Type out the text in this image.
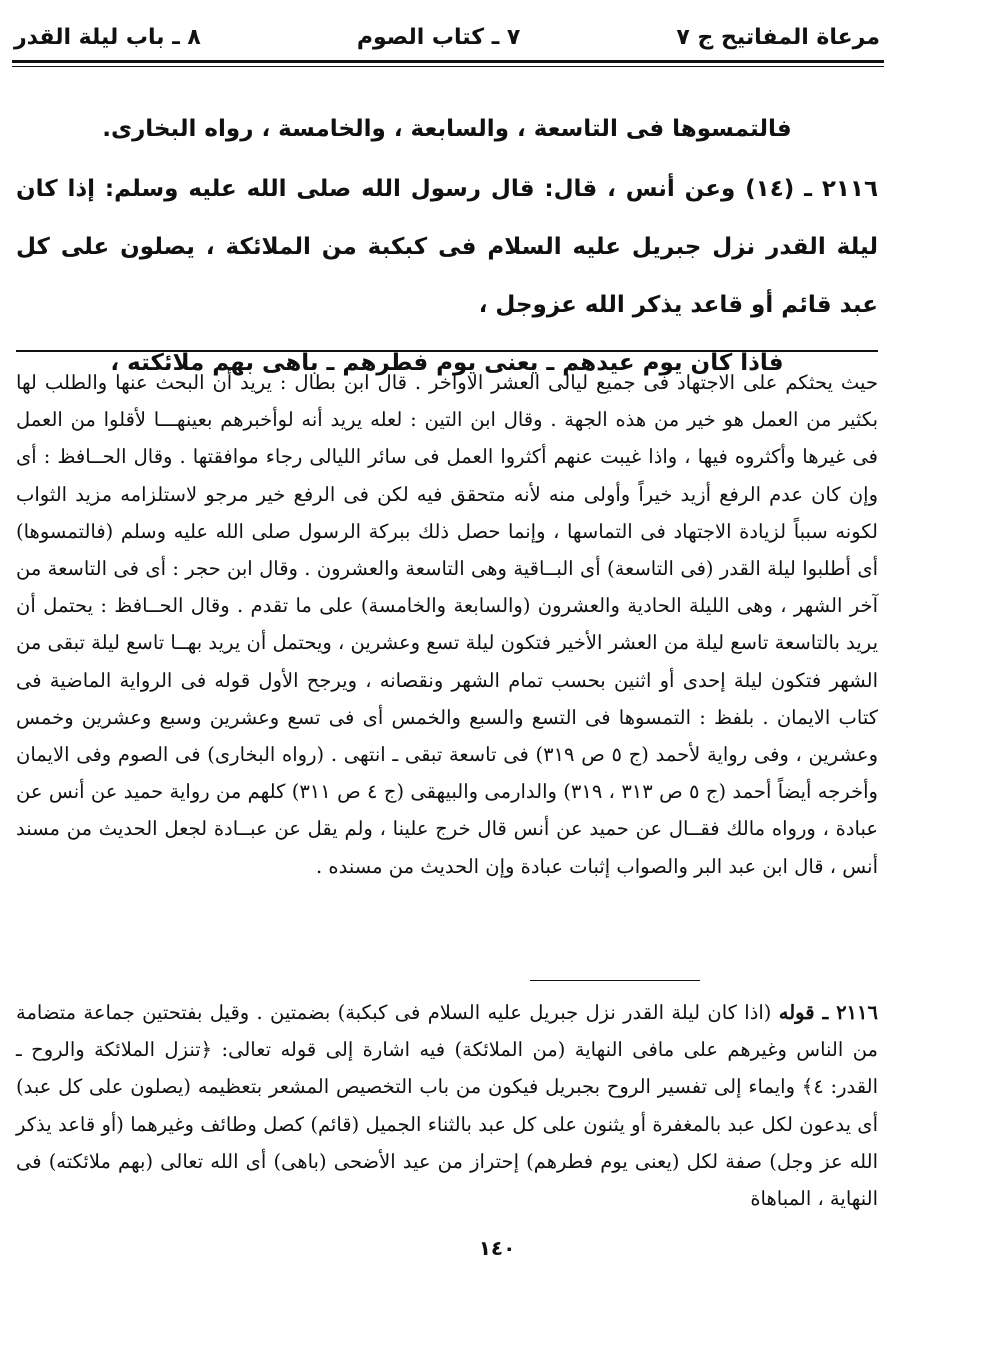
مرعاة المفاتيح ج ٧
٧ ـ كتاب الصوم
٨ ـ باب ليلة القدر

فالتمسوها فى التاسعة ، والسابعة ، والخامسة ، رواه البخارى.

٢١١٦ ـ (١٤) وعن أنس ، قال: قال رسول الله صلى الله عليه وسلم: إذا كان ليلة القدر نزل جبريل عليه السلام فى كبكبة من الملائكة ، يصلون على كل عبد قائم أو قاعد يذكر الله عزوجل ،

فاذا كان يوم عيدهم ـ يعنى يوم فطرهم ـ باهى بهم ملائكته ،

حيث يحثكم على الاجتهاد فى جميع ليالى العشر الاواخر . قال ابن بطال : يريد أن البحث عنها والطلب لها بكثير من العمل هو خير من هذه الجهة . وقال ابن التين : لعله يريد أنه لوأخبرهم بعينهـــا لأقلوا من العمل فى غيرها وأكثروه فيها ، واذا غيبت عنهم أكثروا العمل فى سائر الليالى رجاء موافقتها . وقال الحــافظ : أى وإن كان عدم الرفع أزيد خيراً وأولى منه لأنه متحقق فيه لكن فى الرفع خير مرجو لاستلزامه مزيد الثواب لكونه سبباً لزيادة الاجتهاد فى التماسها ، وإنما حصل ذلك ببركة الرسول صلى الله عليه وسلم (فالتمسوها) أى أطلبوا ليلة القدر (فى التاسعة) أى البــاقية وهى التاسعة والعشرون . وقال ابن حجر : أى فى التاسعة من آخر الشهر ، وهى الليلة الحادية والعشرون (والسابعة والخامسة) على ما تقدم . وقال الحــافظ : يحتمل أن يريد بالتاسعة تاسع ليلة من العشر الأخير فتكون ليلة تسع وعشرين ، ويحتمل أن يريد بهــا تاسع ليلة تبقى من الشهر فتكون ليلة إحدى أو اثنين بحسب تمام الشهر ونقصانه ، ويرجح الأول قوله فى الرواية الماضية فى كتاب الايمان . بلفظ : التمسوها فى التسع والسبع والخمس أى فى تسع وعشرين وسبع وعشرين وخمس وعشرين ، وفى رواية لأحمد (ج ٥ ص ٣١٩) فى تاسعة تبقى ـ انتهى . (رواه البخارى) فى الصوم وفى الايمان وأخرجه أيضاً أحمد (ج ٥ ص ٣١٣ ، ٣١٩) والدارمى والبيهقى (ج ٤ ص ٣١١) كلهم من رواية حميد عن أنس عن عبادة ، ورواه مالك فقــال عن حميد عن أنس قال خرج علينا ، ولم يقل عن عبــادة لجعل الحديث من مسند أنس ، قال ابن عبد البر والصواب إثبات عبادة وإن الحديث من مسنده .

٢١١٦ ـ قوله (اذا كان ليلة القدر نزل جبريل عليه السلام فى كبكبة) بضمتين . وقيل بفتحتين جماعة متضامة من الناس وغيرهم على مافى النهاية (من الملائكة) فيه اشارة إلى قوله تعالى: ﴿تنزل الملائكة والروح ـ القدر: ٤﴾ وايماء إلى تفسير الروح بجبريل فيكون من باب التخصيص المشعر بتعظيمه (يصلون على كل عبد) أى يدعون لكل عبد بالمغفرة أو يثنون على كل عبد بالثناء الجميل (قائم) كصل وطائف وغيرهما (أو قاعد يذكر الله عز وجل) صفة لكل (يعنى يوم فطرهم) إحتراز من عيد الأضحى (باهى) أى الله تعالى (بهم ملائكته) فى النهاية ، المباهاة

١٤٠
